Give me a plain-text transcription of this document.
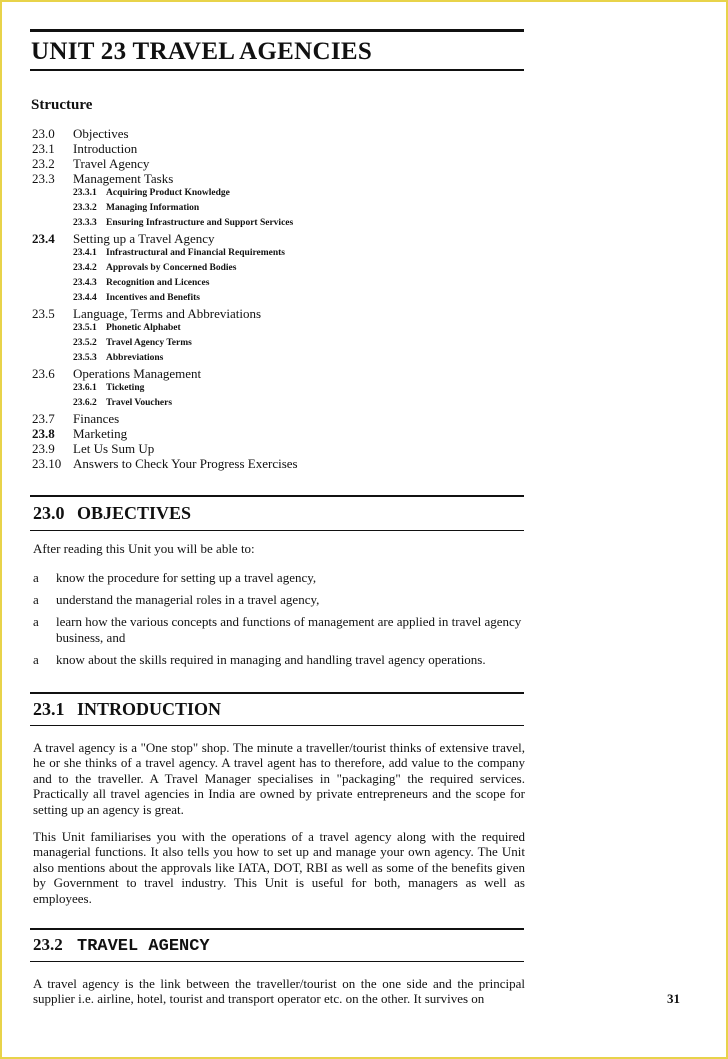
UNIT 23 TRAVEL AGENCIES
Structure
23.0 Objectives
23.1 Introduction
23.2 Travel Agency
23.3 Management Tasks
23.3.1 Acquiring Product Knowledge
23.3.2 Managing Information
23.3.3 Ensuring Infrastructure and Support Services
23.4 Setting up a Travel Agency
23.4.1 Infrastructural and Financial Requirements
23.4.2 Approvals by Concerned Bodies
23.4.3 Recognition and Licences
23.4.4 Incentives and Benefits
23.5 Language, Terms and Abbreviations
23.5.1 Phonetic Alphabet
23.5.2 Travel Agency Terms
23.5.3 Abbreviations
23.6 Operations Management
23.6.1 Ticketing
23.6.2 Travel Vouchers
23.7 Finances
23.8 Marketing
23.9 Let Us Sum Up
23.10 Answers to Check Your Progress Exercises
23.0 OBJECTIVES
After reading this Unit you will be able to:
a know the procedure for setting up a travel agency,
a understand the managerial roles in a travel agency,
a learn how the various concepts and functions of management are applied in travel agency business, and
a know about the skills required in managing and handling travel agency operations.
23.1 INTRODUCTION
A travel agency is a "One stop" shop. The minute a traveller/tourist thinks of extensive travel, he or she thinks of a travel agency. A travel agent has to therefore, add value to the company and to the traveller. A Travel Manager specialises in "packaging" the required services. Practically all travel agencies in India are owned by private entrepreneurs and the scope for setting up an agency is great.
This Unit familiarises you with the operations of a travel agency along with the required managerial functions. It also tells you how to set up and manage your own agency. The Unit also mentions about the approvals like IATA, DOT, RBI as well as some of the benefits given by Government to travel industry. This Unit is useful for both, managers as well as employees.
23.2 TRAVEL AGENCY
A travel agency is the link between the traveller/tourist on the one side and the principal supplier i.e. airline, hotel, tourist and transport operator etc. on the other. It survives on	31
